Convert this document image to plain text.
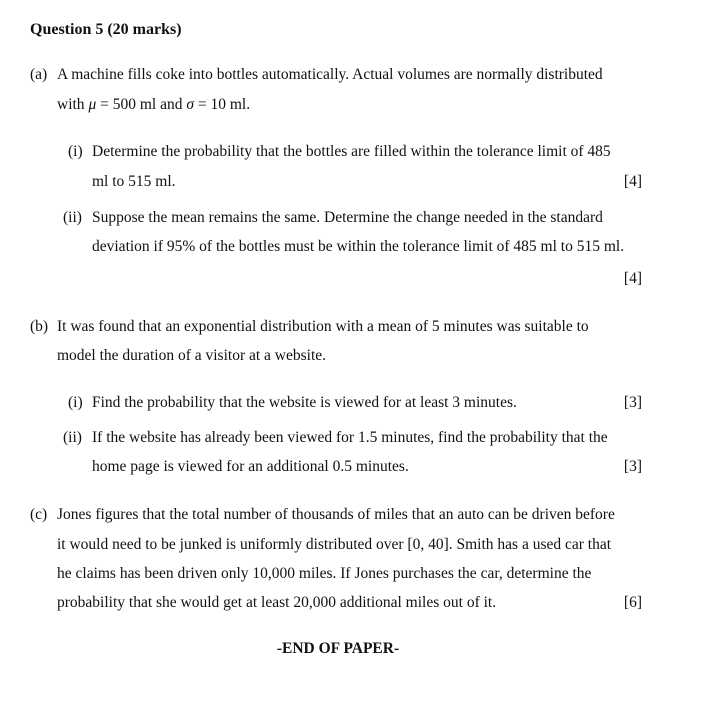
Question 5 (20 marks)
(a) A machine fills coke into bottles automatically. Actual volumes are normally distributed
with μ = 500 ml and σ = 10 ml.
(i) Determine the probability that the bottles are filled within the tolerance limit of 485
ml to 515 ml.	[4]
(ii) Suppose the mean remains the same. Determine the change needed in the standard
deviation if 95% of the bottles must be within the tolerance limit of 485 ml to 515 ml.
[4]
(b) It was found that an exponential distribution with a mean of 5 minutes was suitable to
model the duration of a visitor at a website.
(i) Find the probability that the website is viewed for at least 3 minutes.	[3]
(ii) If the website has already been viewed for 1.5 minutes, find the probability that the
home page is viewed for an additional 0.5 minutes.	[3]
(c) Jones figures that the total number of thousands of miles that an auto can be driven before
it would need to be junked is uniformly distributed over [0, 40]. Smith has a used car that
he claims has been driven only 10,000 miles. If Jones purchases the car, determine the
probability that she would get at least 20,000 additional miles out of it.	[6]
-END OF PAPER-
